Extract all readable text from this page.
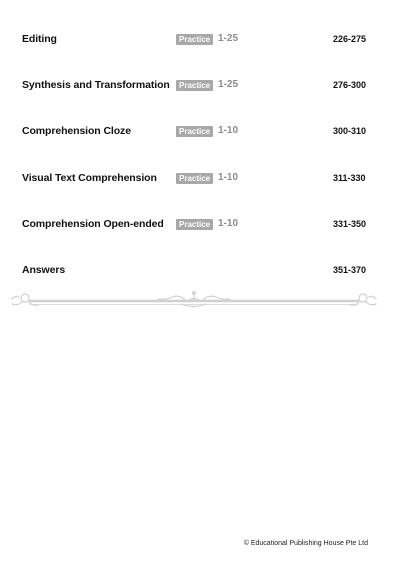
Editing	Practice 1-25	226-275
Synthesis and Transformation	Practice 1-25	276-300
Comprehension Cloze	Practice 1-10	300-310
Visual Text Comprehension	Practice 1-10	311-330
Comprehension Open-ended	Practice 1-10	331-350
Answers	351-370
© Educational Publishing House Pte Ltd
